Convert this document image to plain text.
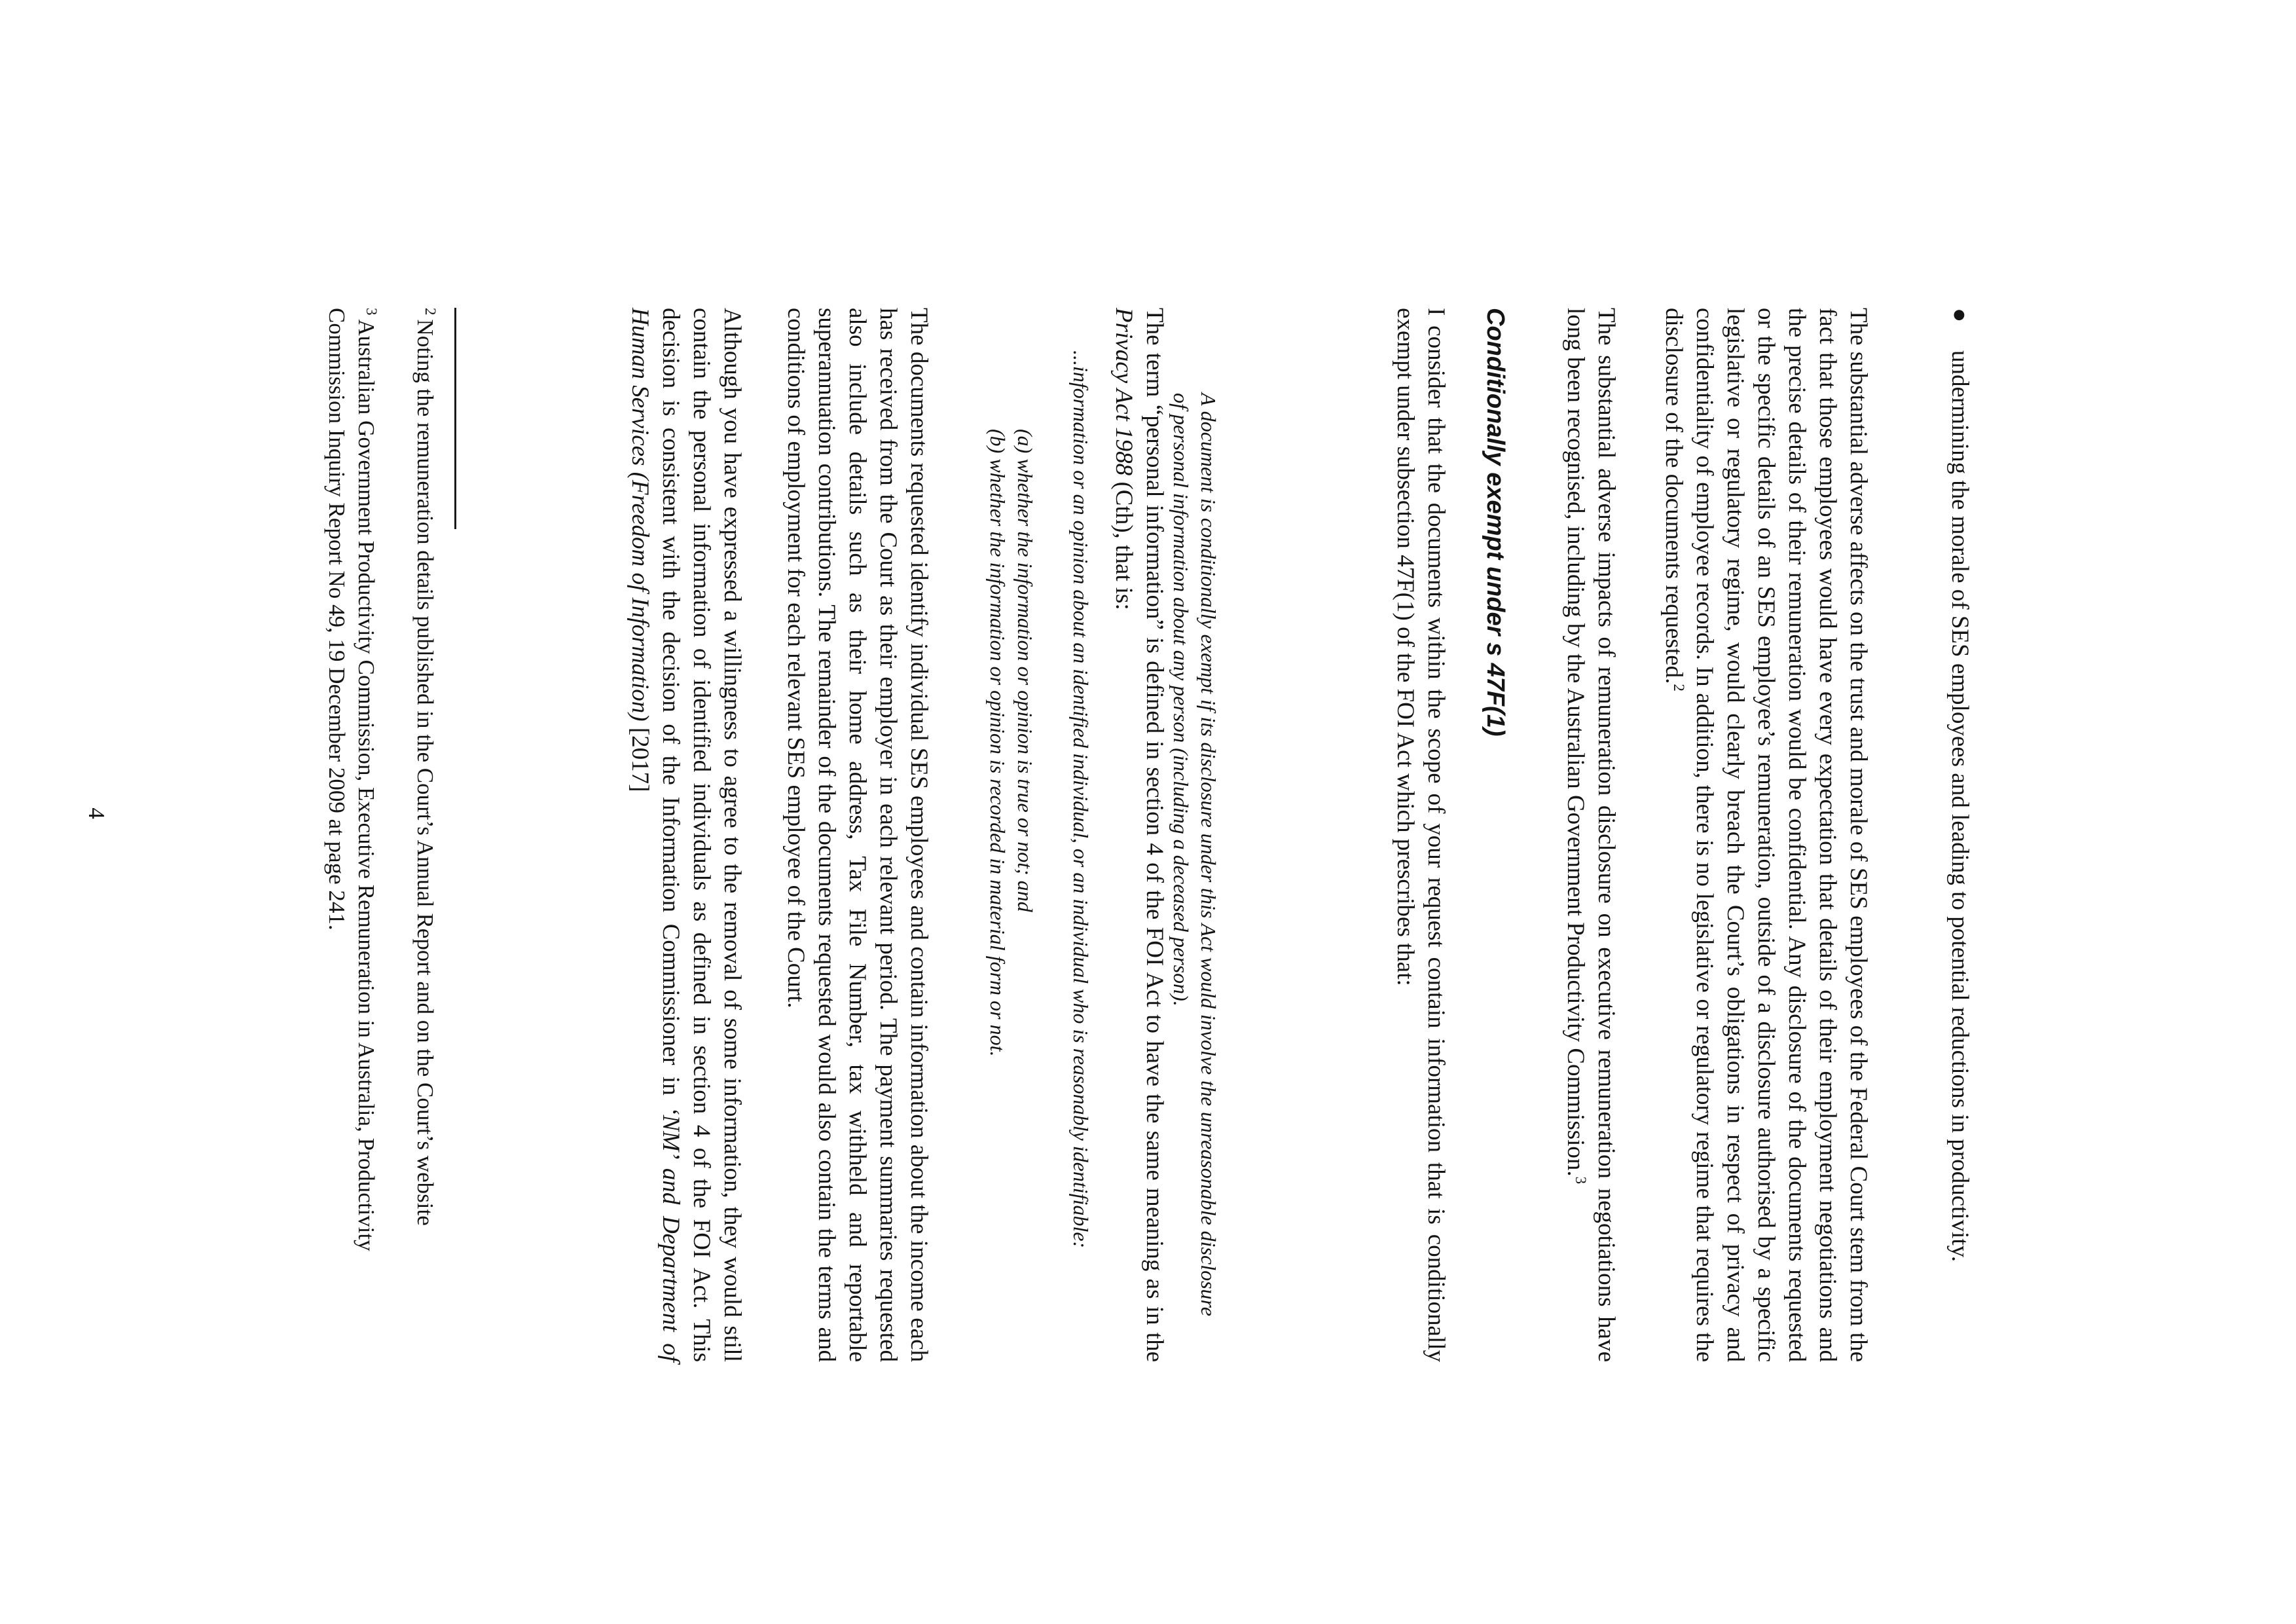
●
undermining the morale of SES employees and leading to potential reductions in productivity.

The substantial adverse affects on the trust and morale of SES employees of the Federal Court stem from the fact that those employees would have every expectation that details of their employment negotiations and the precise details of their remuneration would be confidential. Any disclosure of the documents requested or the specific details of an SES employee’s remuneration, outside of a disclosure authorised by a specific legislative or regulatory regime, would clearly breach the Court’s obligations in respect of privacy and confidentiality of employee records. In addition, there is no legislative or regulatory regime that requires the disclosure of the documents requested.$^2$

The substantial adverse impacts of remuneration disclosure on executive remuneration negotiations have long been recognised, including by the Australian Government Productivity Commission.$^3$

Conditionally exempt under s 47F(1)

I consider that the documents within the scope of your request contain information that is conditionally exempt under subsection 47F(1) of the FOI Act which prescribes that:

A document is conditionally exempt if its disclosure under this Act would involve the unreasonable disclosure of personal information about any person (including a deceased person).

The term “personal information” is defined in section 4 of the FOI Act to have the same meaning as in the Privacy Act 1988 (Cth), that is:

...information or an opinion about an identified individual, or an individual who is reasonably identifiable:

(a) whether the information or opinion is true or not; and
(b) whether the information or opinion is recorded in material form or not.

The documents requested identify individual SES employees and contain information about the income each has received from the Court as their employer in each relevant period. The payment summaries requested also include details such as their home address, Tax File Number, tax withheld and reportable superannuation contributions. The remainder of the documents requested would also contain the terms and conditions of employment for each relevant SES employee of the Court.

Although you have expressed a willingness to agree to the removal of some information, they would still contain the personal information of identified individuals as defined in section 4 of the FOI Act. This decision is consistent with the decision of the Information Commissioner in ‘NM’ and Department of Human Services (Freedom of Information) [2017]

$^2$Noting the remuneration details published in the Court’s Annual Report and on the Court’s website
$^3$Australian Government Productivity Commission, Executive Remuneration in Australia, Productivity Commission Inquiry Report No 49, 19 December 2009 at page 241.
4
